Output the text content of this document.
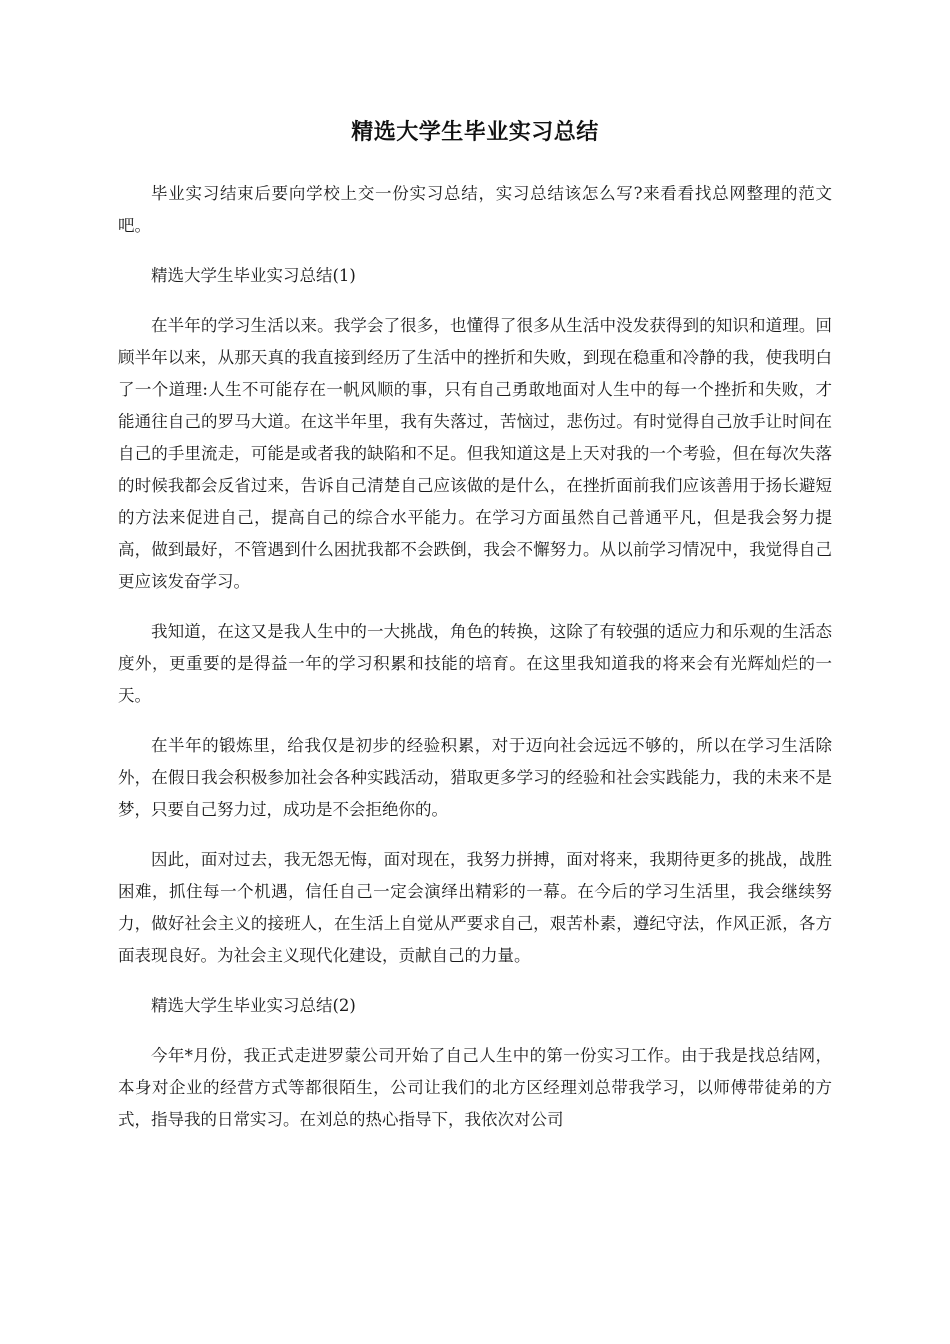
精选大学生毕业实习总结

毕业实习结束后要向学校上交一份实习总结，实习总结该怎么写?来看看找总网整理的范文吧。

精选大学生毕业实习总结(1)

在半年的学习生活以来。我学会了很多，也懂得了很多从生活中没发获得到的知识和道理。回顾半年以来，从那天真的我直接到经历了生活中的挫折和失败，到现在稳重和冷静的我，使我明白了一个道理:人生不可能存在一帆风顺的事，只有自己勇敢地面对人生中的每一个挫折和失败，才能通往自己的罗马大道。在这半年里，我有失落过，苦恼过，悲伤过。有时觉得自己放手让时间在自己的手里流走，可能是或者我的缺陷和不足。但我知道这是上天对我的一个考验，但在每次失落的时候我都会反省过来，告诉自己清楚自己应该做的是什么，在挫折面前我们应该善用于扬长避短的方法来促进自己，提高自己的综合水平能力。在学习方面虽然自己普通平凡，但是我会努力提高，做到最好，不管遇到什么困扰我都不会跌倒，我会不懈努力。从以前学习情况中，我觉得自己更应该发奋学习。

我知道，在这又是我人生中的一大挑战，角色的转换，这除了有较强的适应力和乐观的生活态度外，更重要的是得益一年的学习积累和技能的培育。在这里我知道我的将来会有光辉灿烂的一天。

在半年的锻炼里，给我仅是初步的经验积累，对于迈向社会远远不够的，所以在学习生活除外，在假日我会积极参加社会各种实践活动，猎取更多学习的经验和社会实践能力，我的未来不是梦，只要自己努力过，成功是不会拒绝你的。

因此，面对过去，我无怨无悔，面对现在，我努力拼搏，面对将来，我期待更多的挑战，战胜困难，抓住每一个机遇，信任自己一定会演绎出精彩的一幕。在今后的学习生活里，我会继续努力，做好社会主义的接班人，在生活上自觉从严要求自己，艰苦朴素，遵纪守法，作风正派，各方面表现良好。为社会主义现代化建设，贡献自己的力量。

精选大学生毕业实习总结(2)

今年*月份，我正式走进罗蒙公司开始了自己人生中的第一份实习工作。由于我是找总结网，本身对企业的经营方式等都很陌生，公司让我们的北方区经理刘总带我学习，以师傅带徒弟的方式，指导我的日常实习。在刘总的热心指导下，我依次对公司
